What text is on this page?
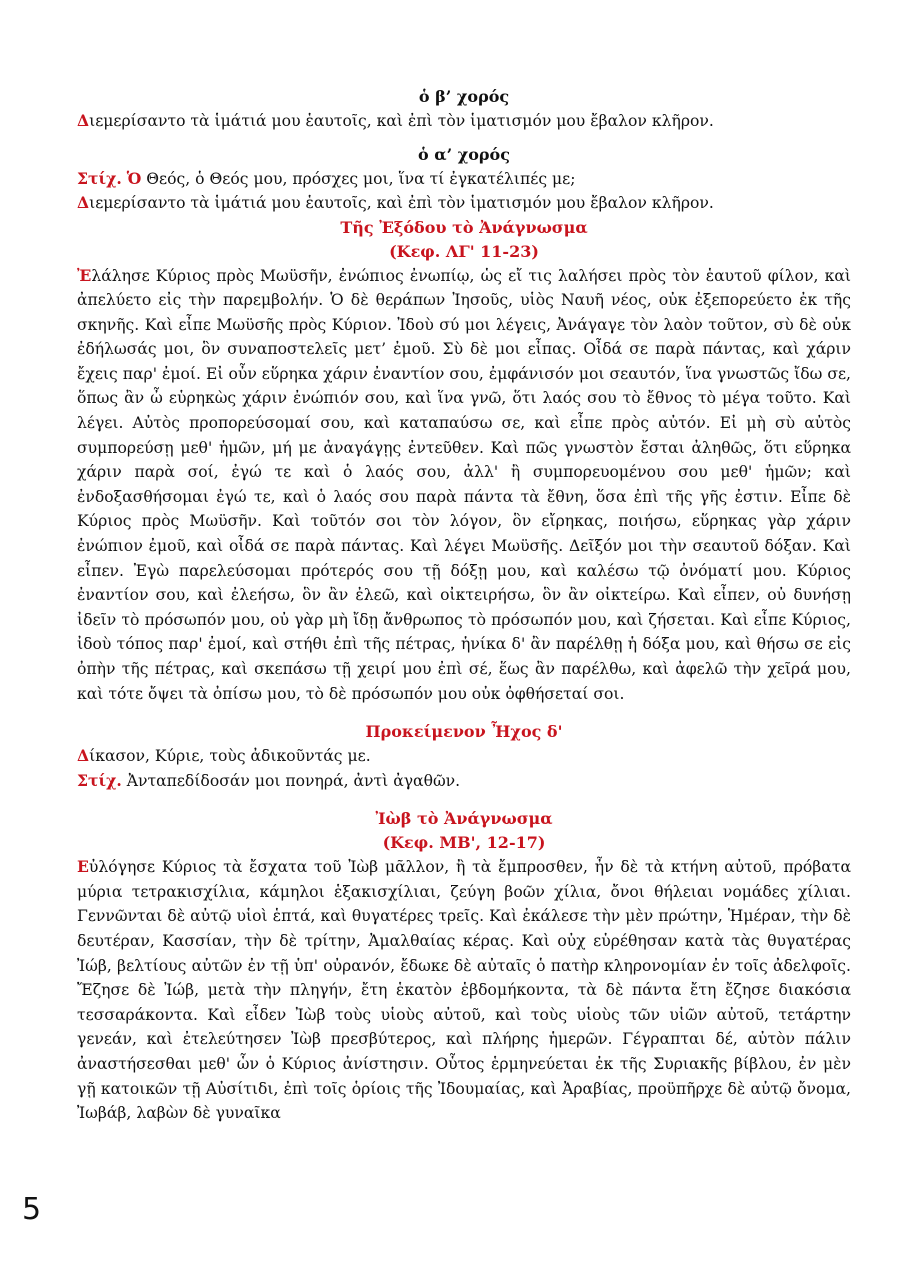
ὁ β’ χορός

Διεμερίσαντο τὰ ἱμάτιά μου ἑαυτοῖς, καὶ ἐπὶ τὸν ἱματισμόν μου ἔβαλον κλῆρον.

ὁ α’ χορός

Στίχ. Ὁ Θεός, ὁ Θεός μου, πρόσχες μοι, ἵνα τί ἐγκατέλιπές με;

Διεμερίσαντο τὰ ἱμάτιά μου ἑαυτοῖς, καὶ ἐπὶ τὸν ἱματισμόν μου ἔβαλον κλῆρον.

Τῆς Ἐξόδου τὸ Ἀνάγνωσμα

(Κεφ. ΛΓ' 11-23)

Ἐλάλησε Κύριος πρὸς Μωϋσῆν, ἐνώπιος ἐνωπίῳ, ὡς εἴ τις λαλήσει πρὸς τὸν ἑαυτοῦ φίλον, καὶ ἀπελύετο εἰς τὴν παρεμβολήν. Ὁ δὲ θεράπων Ἰησοῦς, υἱὸς Ναυῆ νέος, οὐκ ἐξεπορεύετο ἐκ τῆς σκηνῆς. Καὶ εἶπε Μωϋσῆς πρὸς Κύριον. Ἰδοὺ σύ μοι λέγεις, Ἀνάγαγε τὸν λαὸν τοῦτον, σὺ δὲ οὐκ ἐδήλωσάς μοι, ὃν συναποστελεῖς μετ’ ἐμοῦ. Σὺ δὲ μοι εἶπας. Οἶδά σε παρὰ πάντας, καὶ χάριν ἔχεις παρ' ἐμοί. Εἰ οὖν εὕρηκα χάριν ἐναντίον σου, ἐμφάνισόν μοι σεαυτόν, ἵνα γνωστῶς ἴδω σε, ὅπως ἂν ὦ εὑρηκὼς χάριν ἐνώπιόν σου, καὶ ἵνα γνῶ, ὅτι λαός σου τὸ ἔθνος τὸ μέγα τοῦτο. Καὶ λέγει. Αὐτὸς προπορεύσομαί σου, καὶ καταπαύσω σε, καὶ εἶπε πρὸς αὐτόν. Εἰ μὴ σὺ αὐτὸς συμπορεύσῃ μεθ' ἡμῶν, μή με ἀναγάγῃς ἐντεῦθεν. Καὶ πῶς γνωστὸν ἔσται ἀληθῶς, ὅτι εὕρηκα χάριν παρὰ σοί, ἐγώ τε καὶ ὁ λαός σου, ἀλλ' ἢ συμπορευομένου σου μεθ' ἡμῶν; καὶ ἐνδοξασθήσομαι ἐγώ τε, καὶ ὁ λαός σου παρὰ πάντα τὰ ἔθνη, ὅσα ἐπὶ τῆς γῆς ἐστιν. Εἶπε δὲ Κύριος πρὸς Μωϋσῆν. Καὶ τοῦτόν σοι τὸν λόγον, ὃν εἴρηκας, ποιήσω, εὕρηκας γὰρ χάριν ἐνώπιον ἐμοῦ, καὶ οἶδά σε παρὰ πάντας. Καὶ λέγει Μωϋσῆς. Δεῖξόν μοι τὴν σεαυτοῦ δόξαν. Καὶ εἶπεν. Ἐγὼ παρελεύσομαι πρότερός σου τῇ δόξῃ μου, καὶ καλέσω τῷ ὀνόματί μου. Κύριος ἐναντίον σου, καὶ ἐλεήσω, ὃν ἂν ἐλεῶ, καὶ οἰκτειρήσω, ὃν ἂν οἰκτείρω. Καὶ εἶπεν, οὐ δυνήσῃ ἰδεῖν τὸ πρόσωπόν μου, οὐ γὰρ μὴ ἴδῃ ἄνθρωπος τὸ πρόσωπόν μου, καὶ ζήσεται. Καὶ εἶπε Κύριος, ἰδοὺ τόπος παρ' ἐμοί, καὶ στήθι ἐπὶ τῆς πέτρας, ἡνίκα δ' ἂν παρέλθῃ ἡ δόξα μου, καὶ θήσω σε εἰς ὀπὴν τῆς πέτρας, καὶ σκεπάσω τῇ χειρί μου ἐπὶ σέ, ἕως ἂν παρέλθω, καὶ ἀφελῶ τὴν χεῖρά μου, καὶ τότε ὄψει τὰ ὀπίσω μου, τὸ δὲ πρόσωπόν μου οὐκ ὀφθήσεταί σοι.

Προκείμενον Ἦχος δ'

Δίκασον, Κύριε, τοὺς ἀδικοῦντάς με.

Στίχ. Ἀνταπεδίδοσάν μοι πονηρά, ἀντὶ ἀγαθῶν.

Ἰὼβ τὸ Ἀνάγνωσμα

(Κεφ. ΜΒ', 12-17)

Εὐλόγησε Κύριος τὰ ἔσχατα τοῦ Ἰὼβ μᾶλλον, ἢ τὰ ἔμπροσθεν, ἦν δὲ τὰ κτήνη αὐτοῦ, πρόβατα μύρια τετρακισχίλια, κάμηλοι ἑξακισχίλιαι, ζεύγη βοῶν χίλια, ὄνοι θήλειαι νομάδες χίλιαι. Γεννῶνται δὲ αὐτῷ υἱοὶ ἑπτά, καὶ θυγατέρες τρεῖς. Καὶ ἐκάλεσε τὴν μὲν πρώτην, Ἡμέραν, τὴν δὲ δευτέραν, Κασσίαν, τὴν δὲ τρίτην, Ἀμαλθαίας κέρας. Καὶ οὐχ εὑρέθησαν κατὰ τὰς θυγατέρας Ἰώβ, βελτίους αὐτῶν ἐν τῇ ὑπ' οὐρανόν, ἔδωκε δὲ αὐταῖς ὁ πατὴρ κληρονομίαν ἐν τοῖς ἀδελφοῖς. Ἔζησε δὲ Ἰώβ, μετὰ τὴν πληγήν, ἔτη ἑκατὸν ἑβδομήκοντα, τὰ δὲ πάντα ἔτη ἔζησε διακόσια τεσσαράκοντα. Καὶ εἶδεν Ἰὼβ τοὺς υἱοὺς αὐτοῦ, καὶ τοὺς υἱοὺς τῶν υἱῶν αὐτοῦ, τετάρτην γενεάν, καὶ ἐτελεύτησεν Ἰὼβ πρεσβύτερος, καὶ πλήρης ἡμερῶν. Γέγραπται δέ, αὐτὸν πάλιν ἀναστήσεσθαι μεθ' ὧν ὁ Κύριος ἀνίστησιν. Οὗτος ἑρμηνεύεται ἐκ τῆς Συριακῆς βίβλου, ἐν μὲν γῇ κατοικῶν τῇ Αὐσίτιδι, ἐπὶ τοῖς ὁρίοις τῆς Ἰδουμαίας, καὶ Ἀραβίας, προϋπῆρχε δὲ αὐτῷ ὄνομα, Ἰωβάβ, λαβὼν δὲ γυναῖκα

5
